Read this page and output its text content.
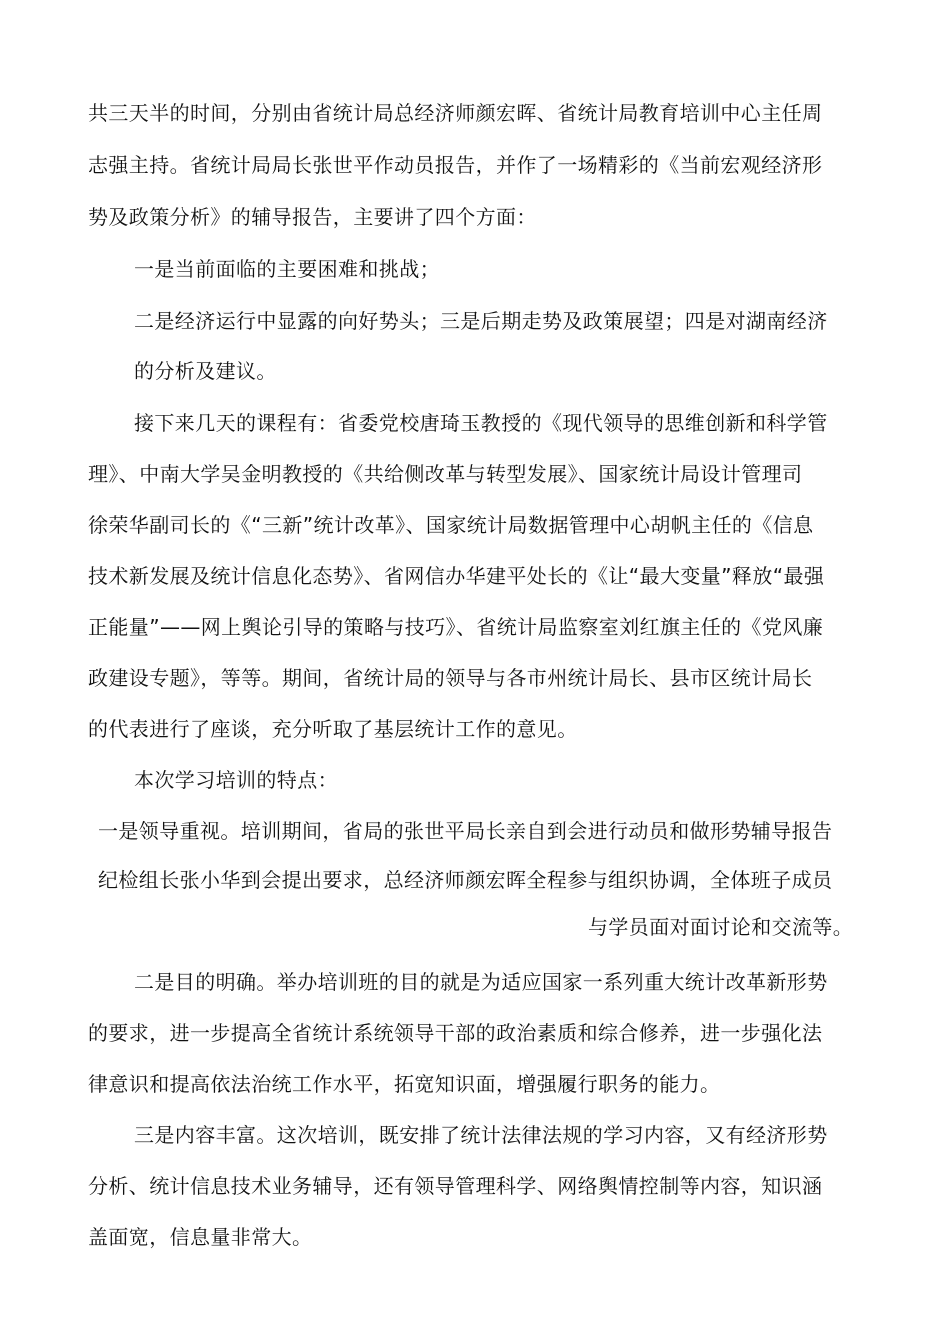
共三天半的时间，分别由省统计局总经济师颜宏晖、省统计局教育培训中心主任周
志强主持。省统计局局长张世平作动员报告，并作了一场精彩的《当前宏观经济形
势及政策分析》的辅导报告，主要讲了四个方面：
一是当前面临的主要困难和挑战；
二是经济运行中显露的向好势头；三是后期走势及政策展望；四是对湖南经济
的分析及建议。
接下来几天的课程有：省委党校唐琦玉教授的《现代领导的思维创新和科学管
理》、中南大学吴金明教授的《共给侧改革与转型发展》、国家统计局设计管理司
徐荣华副司长的《“三新”统计改革》、国家统计局数据管理中心胡帆主任的《信息
技术新发展及统计信息化态势》、省网信办华建平处长的《让“最大变量”释放“最强
正能量”——网上舆论引导的策略与技巧》、省统计局监察室刘红旗主任的《党风廉
政建设专题》，等等。期间，省统计局的领导与各市州统计局长、县市区统计局长
的代表进行了座谈，充分听取了基层统计工作的意见。
本次学习培训的特点：
一是领导重视。培训期间，省局的张世平局长亲自到会进行动员和做形势辅导报告
纪检组长张小华到会提出要求，总经济师颜宏晖全程参与组织协调，全体班子成员
与学员面对面讨论和交流等。
二是目的明确。举办培训班的目的就是为适应国家一系列重大统计改革新形势
的要求，进一步提高全省统计系统领导干部的政治素质和综合修养，进一步强化法
律意识和提高依法治统工作水平，拓宽知识面，增强履行职务的能力。
三是内容丰富。这次培训，既安排了统计法律法规的学习内容，又有经济形势
分析、统计信息技术业务辅导，还有领导管理科学、网络舆情控制等内容，知识涵
盖面宽，信息量非常大。
